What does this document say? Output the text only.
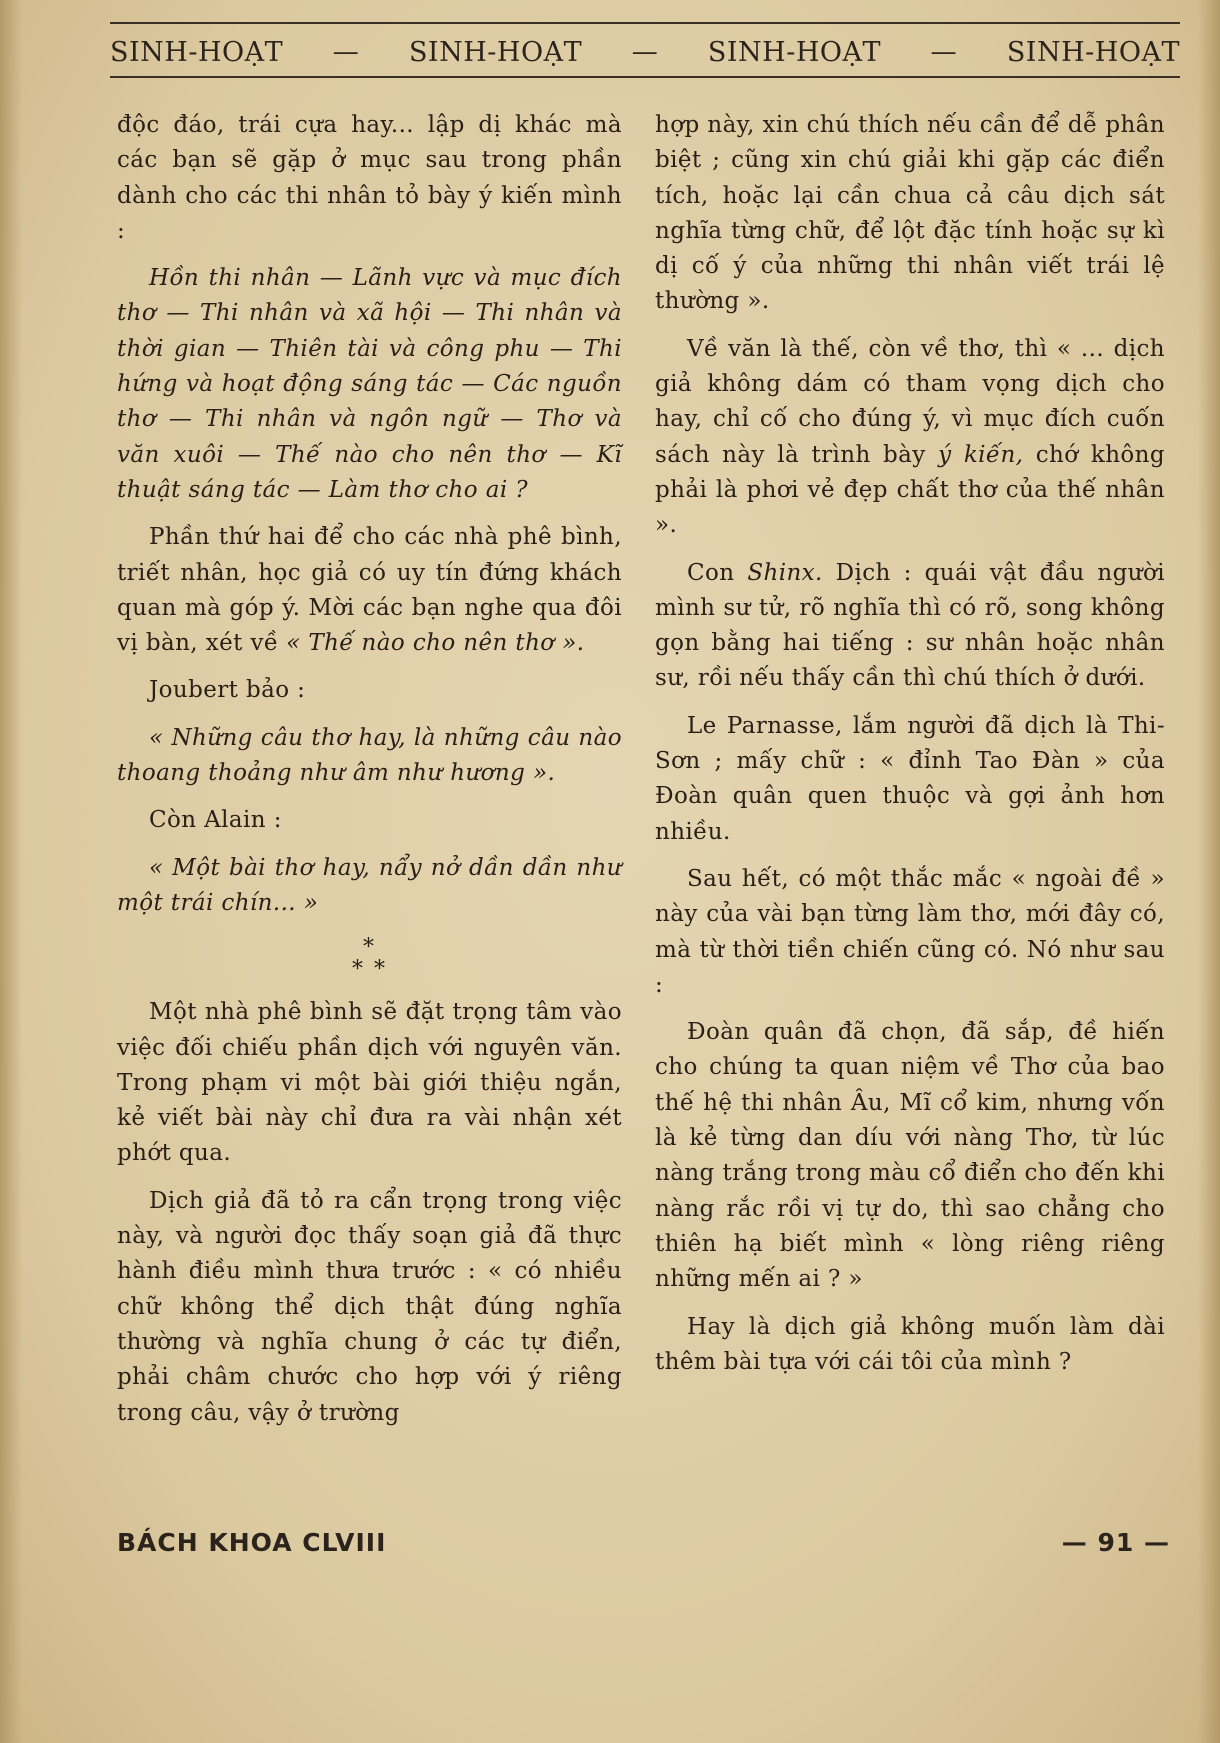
SINH-HOẠT — SINH-HOẠT — SINH-HOẠT — SINH-HOẠT

độc đáo, trái cựa hay... lập dị khác mà các bạn sẽ gặp ở mục sau trong phần dành cho các thi nhân tỏ bày ý kiến mình :

Hồn thi nhân — Lãnh vực và mục đích thơ — Thi nhân và xã hội — Thi nhân và thời gian — Thiên tài và công phu — Thi hứng và hoạt động sáng tác — Các nguồn thơ — Thi nhân và ngôn ngữ — Thơ và văn xuôi — Thế nào cho nên thơ — Kĩ thuật sáng tác — Làm thơ cho ai ?

Phần thứ hai để cho các nhà phê bình, triết nhân, học giả có uy tín đứng khách quan mà góp ý. Mời các bạn nghe qua đôi vị bàn, xét về « Thế nào cho nên thơ ».

Joubert bảo :

« Những câu thơ hay, là những câu nào thoang thoảng như âm như hương ».

Còn Alain :

« Một bài thơ hay, nẩy nở dần dần như một trái chín... »

*
* *

Một nhà phê bình sẽ đặt trọng tâm vào việc đối chiếu phần dịch với nguyên văn. Trong phạm vi một bài giới thiệu ngắn, kẻ viết bài này chỉ đưa ra vài nhận xét phớt qua.

Dịch giả đã tỏ ra cẩn trọng trong việc này, và người đọc thấy soạn giả đã thực hành điều mình thưa trước : « có nhiều chữ không thể dịch thật đúng nghĩa thường và nghĩa chung ở các tự điển, phải châm chước cho hợp với ý riêng trong câu, vậy ở trường

hợp này, xin chú thích nếu cần để dễ phân biệt ; cũng xin chú giải khi gặp các điển tích, hoặc lại cần chua cả câu dịch sát nghĩa từng chữ, để lột đặc tính hoặc sự kì dị cố ý của những thi nhân viết trái lệ thường ».

Về văn là thế, còn về thơ, thì « ... dịch giả không dám có tham vọng dịch cho hay, chỉ cố cho đúng ý, vì mục đích cuốn sách này là trình bày ý kiến, chớ không phải là phơi vẻ đẹp chất thơ của thế nhân ».

Con Shinx. Dịch : quái vật đầu người mình sư tử, rõ nghĩa thì có rõ, song không gọn bằng hai tiếng : sư nhân hoặc nhân sư, rồi nếu thấy cần thì chú thích ở dưới.

Le Parnasse, lắm người đã dịch là Thi-Sơn ; mấy chữ : « đỉnh Tao Đàn » của Đoàn quân quen thuộc và gợi ảnh hơn nhiều.

Sau hết, có một thắc mắc « ngoài đề » này của vài bạn từng làm thơ, mới đây có, mà từ thời tiền chiến cũng có. Nó như sau :

Đoàn quân đã chọn, đã sắp, đề hiến cho chúng ta quan niệm về Thơ của bao thế hệ thi nhân Âu, Mĩ cổ kim, nhưng vốn là kẻ từng dan díu với nàng Thơ, từ lúc nàng trắng trong màu cổ điển cho đến khi nàng rắc rồi vị tự do, thì sao chẳng cho thiên hạ biết mình « lòng riêng riêng những mến ai ? »

Hay là dịch giả không muốn làm dài thêm bài tựa với cái tôi của mình ?

BÁCH KHOA CLVIII	— 91 —
